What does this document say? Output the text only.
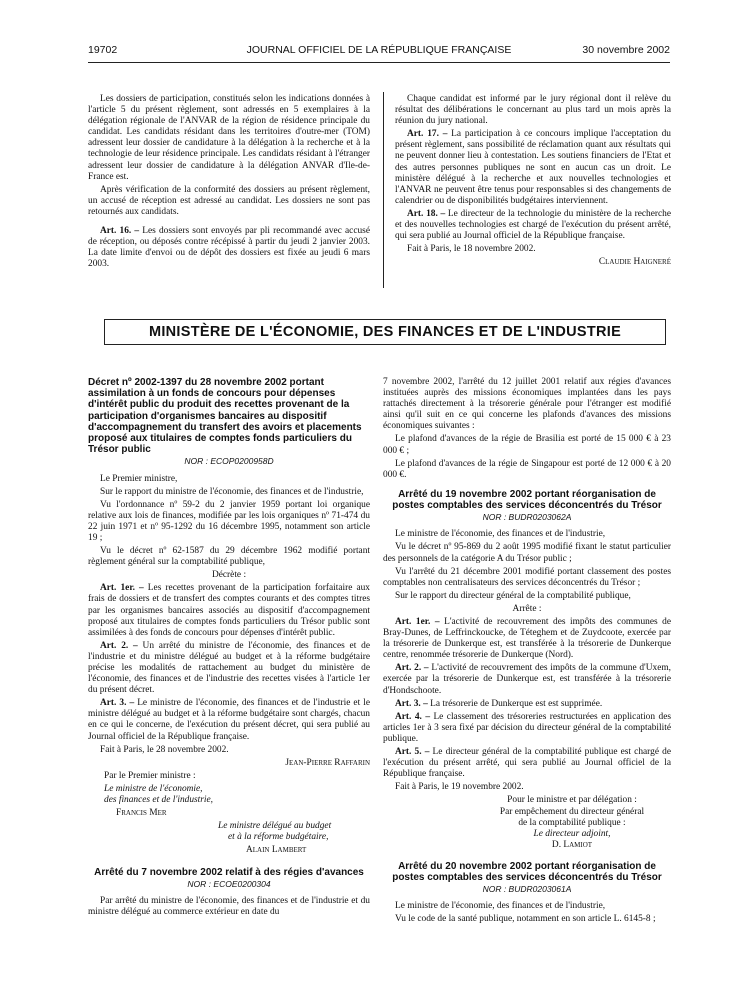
19702	JOURNAL OFFICIEL DE LA RÉPUBLIQUE FRANÇAISE	30 novembre 2002

Les dossiers de participation, constitués selon les indications données à l'article 5 du présent règlement, sont adressés en 5 exemplaires à la délégation régionale de l'ANVAR de la région de résidence principale du candidat. Les candidats résidant dans les territoires d'outre-mer (TOM) adressent leur dossier de candidature à la délégation à la recherche et à la technologie de leur résidence principale. Les candidats résidant à l'étranger adressent leur dossier de candidature à la délégation ANVAR d'Ile-de-France est.

Après vérification de la conformité des dossiers au présent règlement, un accusé de réception est adressé au candidat. Les dossiers ne sont pas retournés aux candidats.

Art. 16. – Les dossiers sont envoyés par pli recommandé avec accusé de réception, ou déposés contre récépissé à partir du jeudi 2 janvier 2003. La date limite d'envoi ou de dépôt des dossiers est fixée au jeudi 6 mars 2003.

Chaque candidat est informé par le jury régional dont il relève du résultat des délibérations le concernant au plus tard un mois après la réunion du jury national.

Art. 17. – La participation à ce concours implique l'acceptation du présent règlement, sans possibilité de réclamation quant aux résultats qui ne peuvent donner lieu à contestation. Les soutiens financiers de l'Etat et des autres personnes publiques ne sont en aucun cas un droit. Le ministère délégué à la recherche et aux nouvelles technologies et l'ANVAR ne peuvent être tenus pour responsables si des changements de calendrier ou de disponibilités budgétaires interviennent.

Art. 18. – Le directeur de la technologie du ministère de la recherche et des nouvelles technologies est chargé de l'exécution du présent arrêté, qui sera publié au Journal officiel de la République française.

Fait à Paris, le 18 novembre 2002.

Claudie Haigneré

MINISTÈRE DE L'ÉCONOMIE, DES FINANCES ET DE L'INDUSTRIE
Décret nº 2002-1397 du 28 novembre 2002 portant assimilation à un fonds de concours pour dépenses d'intérêt public du produit des recettes provenant de la participation d'organismes bancaires au dispositif d'accompagnement du transfert des avoirs et placements proposé aux titulaires de comptes fonds particuliers du Trésor public
NOR : ECOP0200958D

Le Premier ministre,

Sur le rapport du ministre de l'économie, des finances et de l'industrie,

Vu l'ordonnance nº 59-2 du 2 janvier 1959 portant loi organique relative aux lois de finances, modifiée par les lois organiques nº 71-474 du 22 juin 1971 et nº 95-1292 du 16 décembre 1995, notamment son article 19 ;

Vu le décret nº 62-1587 du 29 décembre 1962 modifié portant règlement général sur la comptabilité publique,

Décrète :

Art. 1er. – Les recettes provenant de la participation forfaitaire aux frais de dossiers et de transfert des comptes courants et des comptes titres par les organismes bancaires associés au dispositif d'accompagnement proposé aux titulaires de comptes fonds particuliers du Trésor public sont assimilées à des fonds de concours pour dépenses d'intérêt public.

Art. 2. – Un arrêté du ministre de l'économie, des finances et de l'industrie et du ministre délégué au budget et à la réforme budgétaire précise les modalités de rattachement au budget du ministère de l'économie, des finances et de l'industrie des recettes visées à l'article 1er du présent décret.

Art. 3. – Le ministre de l'économie, des finances et de l'industrie et le ministre délégué au budget et à la réforme budgétaire sont chargés, chacun en ce qui le concerne, de l'exécution du présent décret, qui sera publié au Journal officiel de la République française.

Fait à Paris, le 28 novembre 2002.

Jean-Pierre Raffarin

Par le Premier ministre :

Le ministre de l'économie,

des finances et de l'industrie,

Francis Mer

Le ministre délégué au budget

et à la réforme budgétaire,

Alain Lambert

Arrêté du 7 novembre 2002 relatif à des régies d'avances
NOR : ECOE0200304

Par arrêté du ministre de l'économie, des finances et de l'industrie et du ministre délégué au commerce extérieur en date du

7 novembre 2002, l'arrêté du 12 juillet 2001 relatif aux régies d'avances instituées auprès des missions économiques implantées dans les pays rattachés directement à la trésorerie générale pour l'étranger est modifié ainsi qu'il suit en ce qui concerne les plafonds d'avances des missions économiques suivantes :

Le plafond d'avances de la régie de Brasilia est porté de 15 000 € à 23 000 € ;

Le plafond d'avances de la régie de Singapour est porté de 12 000 € à 20 000 €.

Arrêté du 19 novembre 2002 portant réorganisation de postes comptables des services déconcentrés du Trésor
NOR : BUDR0203062A

Le ministre de l'économie, des finances et de l'industrie,

Vu le décret nº 95-869 du 2 août 1995 modifié fixant le statut particulier des personnels de la catégorie A du Trésor public ;

Vu l'arrêté du 21 décembre 2001 modifié portant classement des postes comptables non centralisateurs des services déconcentrés du Trésor ;

Sur le rapport du directeur général de la comptabilité publique,

Arrête :

Art. 1er. – L'activité de recouvrement des impôts des communes de Bray-Dunes, de Leffrinckoucke, de Téteghem et de Zuydcoote, exercée par la trésorerie de Dunkerque est, est transférée à la trésorerie de Dunkerque centre, renommée trésorerie de Dunkerque (Nord).

Art. 2. – L'activité de recouvrement des impôts de la commune d'Uxem, exercée par la trésorerie de Dunkerque est, est transférée à la trésorerie d'Hondschoote.

Art. 3. – La trésorerie de Dunkerque est est supprimée.

Art. 4. – Le classement des trésoreries restructurées en application des articles 1er à 3 sera fixé par décision du directeur général de la comptabilité publique.

Art. 5. – Le directeur général de la comptabilité publique est chargé de l'exécution du présent arrêté, qui sera publié au Journal officiel de la République française.

Fait à Paris, le 19 novembre 2002.

Pour le ministre et par délégation :

Par empêchement du directeur général

de la comptabilité publique :

Le directeur adjoint,

D. Lamiot

Arrêté du 20 novembre 2002 portant réorganisation de postes comptables des services déconcentrés du Trésor
NOR : BUDR0203061A

Le ministre de l'économie, des finances et de l'industrie,

Vu le code de la santé publique, notamment en son article L. 6145-8 ;
